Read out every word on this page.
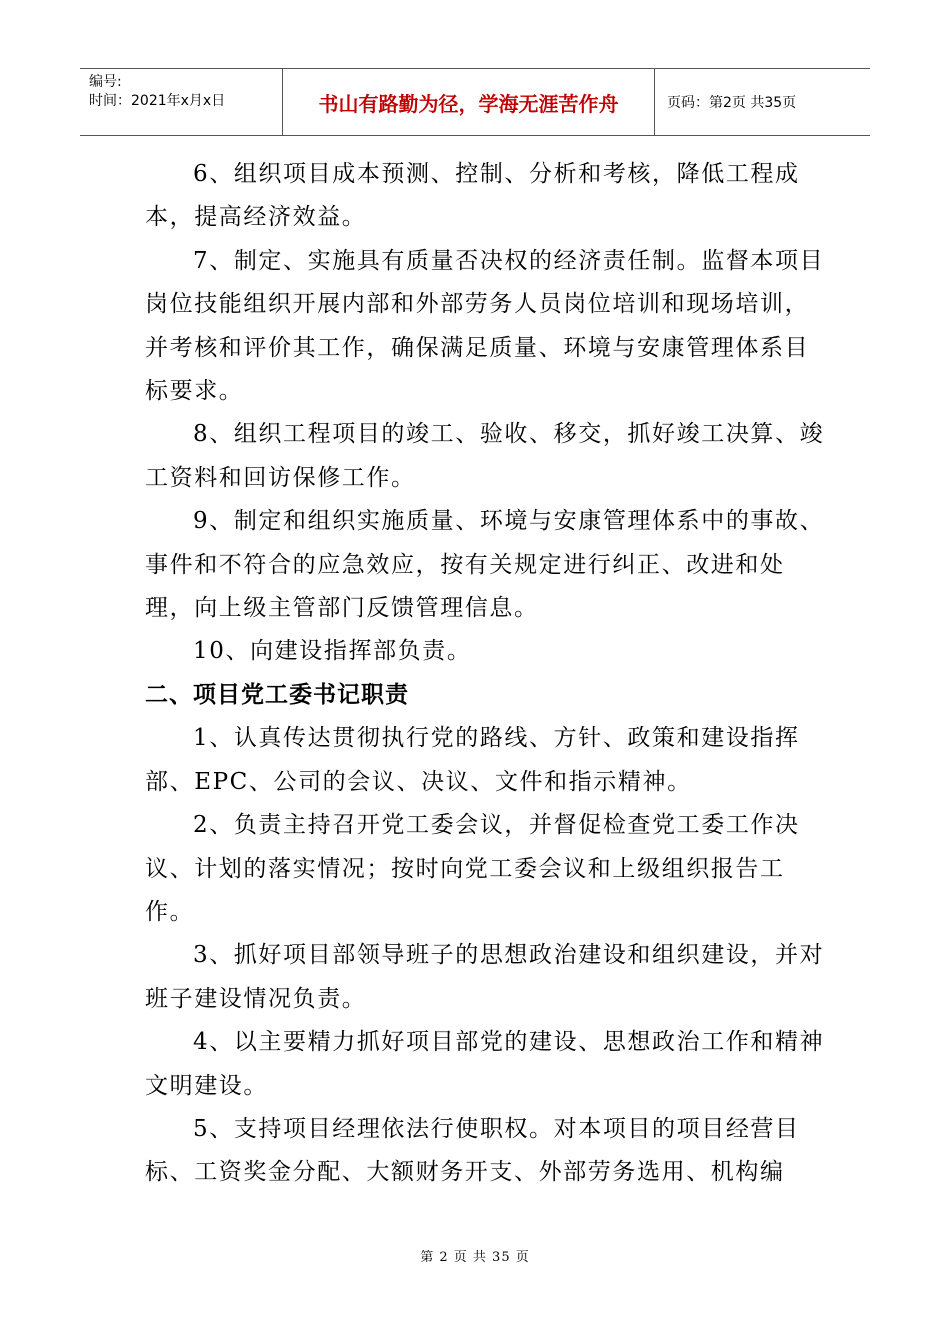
编号:
时间：2021年x月x日	书山有路勤为径，学海无涯苦作舟	页码：第2页 共35页

6、组织项目成本预测、控制、分析和考核，降低工程成本，提高经济效益。

7、制定、实施具有质量否决权的经济责任制。监督本项目岗位技能组织开展内部和外部劳务人员岗位培训和现场培训，并考核和评价其工作，确保满足质量、环境与安康管理体系目标要求。

8、组织工程项目的竣工、验收、移交，抓好竣工决算、竣工资料和回访保修工作。

9、制定和组织实施质量、环境与安康管理体系中的事故、事件和不符合的应急效应，按有关规定进行纠正、改进和处理，向上级主管部门反馈管理信息。

10、向建设指挥部负责。

二、项目党工委书记职责

1、认真传达贯彻执行党的路线、方针、政策和建设指挥部、EPC、公司的会议、决议、文件和指示精神。

2、负责主持召开党工委会议，并督促检查党工委工作决议、计划的落实情况；按时向党工委会议和上级组织报告工作。

3、抓好项目部领导班子的思想政治建设和组织建设，并对班子建设情况负责。

4、以主要精力抓好项目部党的建设、思想政治工作和精神文明建设。

5、支持项目经理依法行使职权。对本项目的项目经营目标、工资奖金分配、大额财务开支、外部劳务选用、机构编

第 2 页 共 35 页
